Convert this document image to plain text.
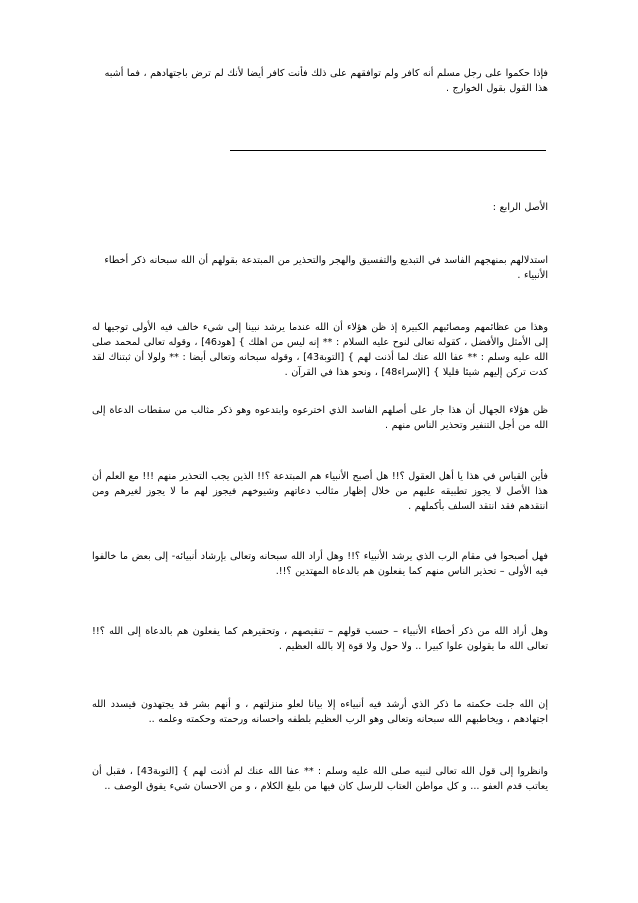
فإذا حكموا على رجل مسلم أنه كافر ولم توافقهم على ذلك فأنت كافر أيضا لأنك لم ترض باجتهادهم ، فما أشبه هذا القول بقول الخوارج .

الأصل الرابع :

استدلالهم بمنهجهم الفاسد في التبديع والتفسيق والهجر والتحذير من المبتدعة بقولهم أن الله سبحانه ذكر أخطاء الأنبياء .

وهذا من عظائمهم ومصائبهم الكبيرة إذ ظن هؤلاء أن الله عندما يرشد نبينا إلى شيء خالف فيه الأولى توجيها له إلى الأمثل والأفضل ، كقوله تعالى لنوح عليه السلام : ** إنه ليس من اهلك } [هود46] ، وقوله تعالى لمحمد صلى الله عليه وسلم : ** عفا الله عنك لما أذنت لهم } [التوبة43] ، وقوله سبحانه وتعالى أيضا : ** ولولا أن ثبتناك لقد كدت تركن إليهم شيئا قليلا } [الإسراء48] ، ونحو هذا في القرآن .

ظن هؤلاء الجهال أن هذا جار على أصلهم الفاسد الذي اخترعوه وابتدعوه وهو ذكر مثالب من سقطات الدعاة إلى الله من أجل التنفير وتحذير الناس منهم .

فأين القياس في هذا يا أهل العقول ؟!! هل أصبح الأنبياء هم المبتدعة ؟!! الذين يجب التحذير منهم !!! مع العلم أن هذا الأصل لا يجوز تطبيقه عليهم من خلال إظهار مثالب دعاتهم وشيوخهم فيجوز لهم ما لا يجوز لغيرهم ومن انتقدهم فقد انتقد السلف بأكملهم .

فهل أصبحوا في مقام الرب الذي يرشد الأنبياء ؟!! وهل أراد الله سبحانه وتعالى بإرشاد أنبيائه- إلى بعض ما خالفوا فيه الأولى – تحذير الناس منهم كما يفعلون هم بالدعاة المهتدين ؟!!.

وهل أراد الله من ذكر أخطاء الأنبياء – حسب قولهم – تنقيصهم ، وتحقيرهم كما يفعلون هم بالدعاة إلى الله ؟!! تعالى الله ما يقولون علوا كبيرا .. ولا حول ولا قوة إلا بالله العظيم .

إن الله جلت حكمته ما ذكر الذي أرشد فيه أنبياءه إلا بيانا لعلو منزلتهم ، و أنهم بشر قد يجتهدون فيسدد الله اجتهادهم ، ويخاطبهم الله سبحانه وتعالى وهو الرب العظيم بلطفه واحسانه ورحمته وحكمته وعلمه ..

وانظروا إلى قول الله تعالى لنبيه صلى الله عليه وسلم : ** عفا الله عنك لم أذنت لهم } [التوبة43] ، فقبل أن يعاتب قدم العفو ... و كل مواطن العتاب للرسل كان فيها من بليغ الكلام ، و من الاحسان شيء يفوق الوصف ..
